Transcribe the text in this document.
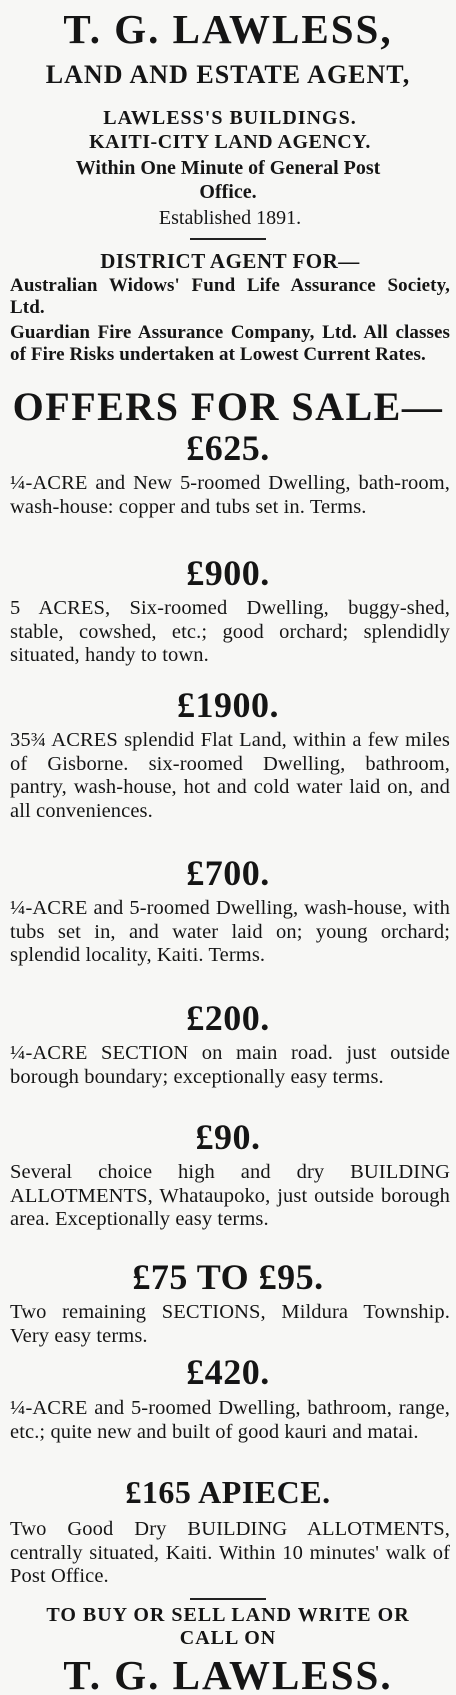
T. G. LAWLESS,
LAND AND ESTATE AGENT,
LAWLESS'S BUILDINGS.
KAITI-CITY LAND AGENCY.
Within One Minute of General Post Office.
Established 1891.
DISTRICT AGENT FOR—
Australian Widows' Fund Life Assurance Society, Ltd.
Guardian Fire Assurance Company, Ltd. All classes of Fire Risks undertaken at Lowest Current Rates.
OFFERS FOR SALE—
£625.

¼-ACRE and New 5-roomed Dwelling, bath-room, wash-house: copper and tubs set in. Terms.

£900.

5 ACRES, Six-roomed Dwelling, buggy-shed, stable, cowshed, etc.; good orchard; splendidly situated, handy to town.

£1900.

35¾ ACRES splendid Flat Land, within a few miles of Gisborne. six-roomed Dwelling, bathroom, pantry, wash-house, hot and cold water laid on, and all conveniences.

£700.

¼-ACRE and 5-roomed Dwelling, wash-house, with tubs set in, and water laid on; young orchard; splendid locality, Kaiti. Terms.

£200.

¼-ACRE SECTION on main road. just outside borough boundary; exceptionally easy terms.

£90.

Several choice high and dry BUILDING ALLOTMENTS, Whataupoko, just outside borough area. Exceptionally easy terms.

£75 TO £95.

Two remaining SECTIONS, Mildura Township. Very easy terms.

£420.

¼-ACRE and 5-roomed Dwelling, bathroom, range, etc.; quite new and built of good kauri and matai.

£165 APIECE.

Two Good Dry BUILDING ALLOTMENTS, centrally situated, Kaiti. Within 10 minutes' walk of Post Office.

TO BUY OR SELL LAND WRITE OR CALL ON
T. G. LAWLESS.
